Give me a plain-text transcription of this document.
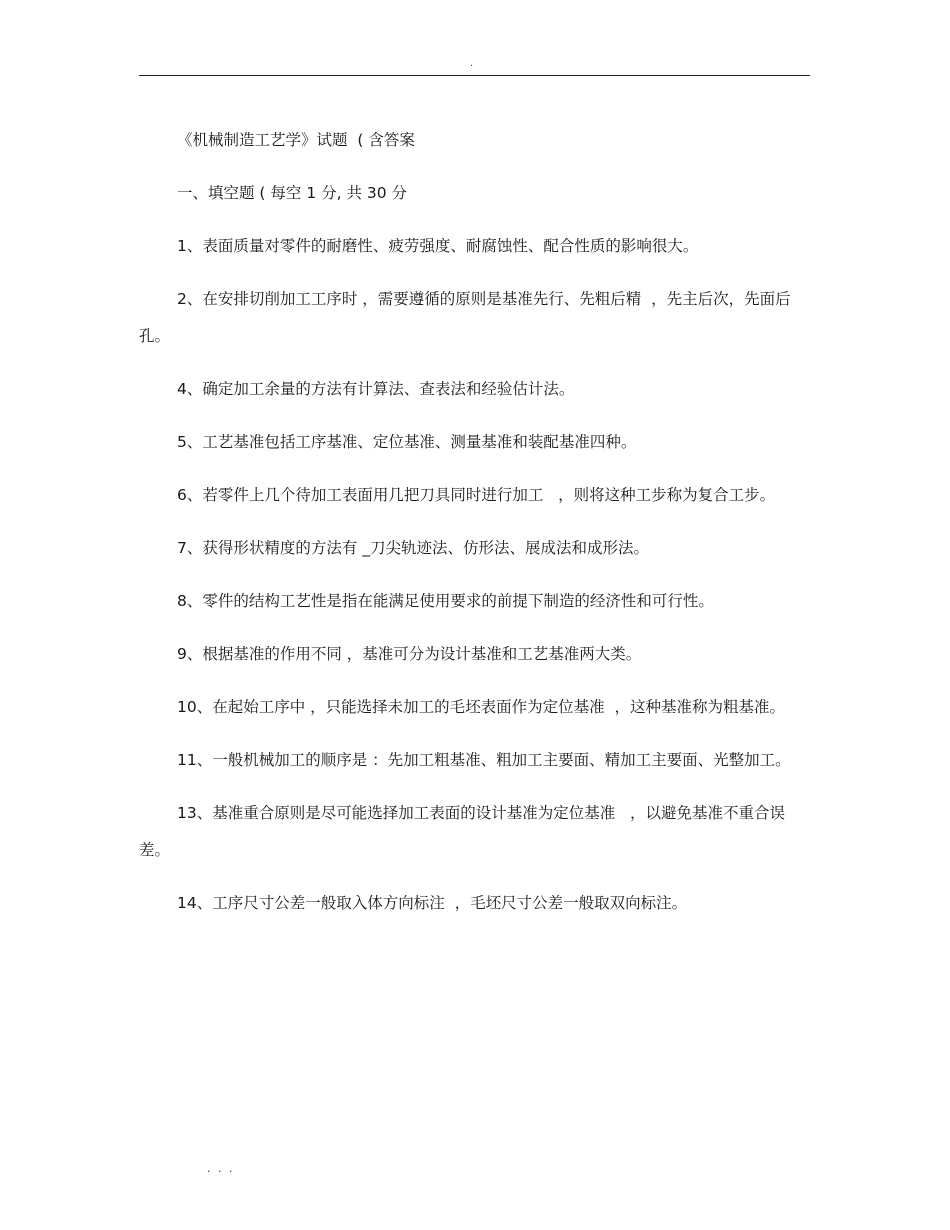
.

《机械制造工艺学》试题  ( 含答案

一、填空题 ( 每空 1 分, 共 30 分

1、表面质量对零件的耐磨性、疲劳强度、耐腐蚀性、配合性质的影响很大。

2、在安排切削加工工序时 ，需要遵循的原则是基准先行、先粗后精  ，先主后次，先面后孔。

4、确定加工余量的方法有计算法、查表法和经验估计法。

5、工艺基准包括工序基准、定位基准、测量基准和装配基准四种。

6、若零件上几个待加工表面用几把刀具同时进行加工   ，则将这种工步称为复合工步。

7、获得形状精度的方法有 _刀尖轨迹法、仿形法、展成法和成形法。

8、零件的结构工艺性是指在能满足使用要求的前提下制造的经济性和可行性。

9、根据基准的作用不同 ，基准可分为设计基准和工艺基准两大类。

10、在起始工序中 ，只能选择未加工的毛坯表面作为定位基准  ，这种基准称为粗基准。

11、一般机械加工的顺序是 ：先加工粗基准、粗加工主要面、精加工主要面、光整加工。

13、基准重合原则是尽可能选择加工表面的设计基准为定位基准   ，以避免基准不重合误差。

14、工序尺寸公差一般取入体方向标注  ，毛坯尺寸公差一般取双向标注。

. . .
